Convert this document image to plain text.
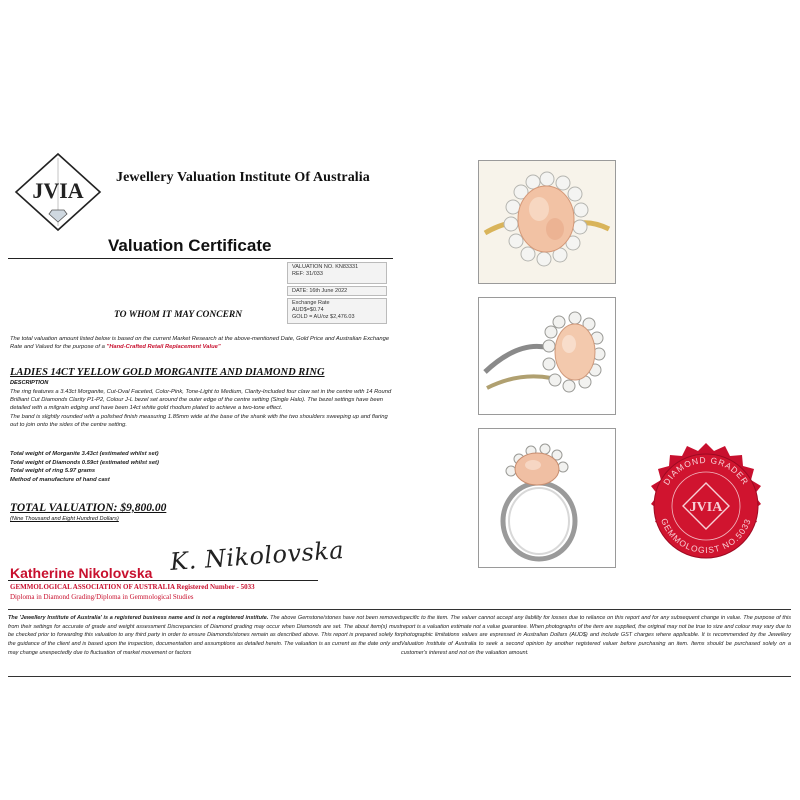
JVIA
Jewellery Valuation Institute Of Australia
Valuation Certificate
VALUATION NO. KN83331
REF: 31/033
DATE: 16th June 2022
Exchange Rate
AUD$=$0.74
GOLD = AU/oz $2,476.03
TO WHOM IT MAY CONCERN
The total valuation amount listed below is based on the current Market Research at the above-mentioned Date, Gold Price and Australian Exchange Rate and Valued for the purpose of a "Hand-Crafted Retail Replacement Value"
LADIES 14CT YELLOW GOLD MORGANITE AND DIAMOND RING
DESCRIPTION
The ring features a 3.43ct Morganite, Cut-Oval Faceted, Color-Pink, Tone-Light to Medium, Clarity-Included four claw set in the centre with 14 Round Brilliant Cut Diamonds Clarity P1-P2, Colour J-L bezel set around the outer edge of the centre setting (Single Halo). The bezel settings have been detailed with a milgrain edging and have been 14ct white gold rhodium plated to achieve a two-tone effect.
The band is slightly rounded with a polished finish measuring 1.85mm wide at the base of the shank with the two shoulders sweeping up and flaring out to join onto the sides of the centre setting.
Total weight of Morganite 3.43ct (estimated whilst set)
Total weight of Diamonds 0.59ct (estimated whilst set)
Total weight of ring 5.97 grams
Method of manufacture of hand cast
TOTAL VALUATION: $9,800.00
(Nine Thousand and Eight Hundred Dollars)
K. Nikolovska
Katherine Nikolovska
GEMMOLOGICAL ASSOCIATION OF AUSTRALIA Registered Number - 5033
Diploma in Diamond Grading/Diploma in Gemmological Studies
DIAMOND GRADER
GEMMOLOGIST NO.5033
JVIA
The 'Jewellery Institute of Australia' is a registered business name and is not a registered institute. The above Gemstone/stones have not been removed from their settings for accurate of grade and weight assessment Discrepancies of Diamond grading may occur when Diamonds are set. The about item(s) must be checked prior to forwarding this valuation to any third party in order to ensure Diamonds/stones remain as described above. This report is prepared solely for the guidance of the client and is based upon the inspection, documentation and assumptions as detailed herein. The valuation is as current as the date only and may change unexpectedly due to fluctuation of market movement or factors
specific to the item. The valuer cannot accept any liability for losses due to reliance on this report and for any subsequent change in value. The purpose of this report is a valuation estimate not a value guarantee. When photographs of the item are supplied, the original may not be true to size and colour may vary due to photographic limitations values are expressed in Australian Dollars (AUD$) and include GST charges where applicable. It is recommended by the Jewellery Valuation Institute of Australia to seek a second opinion by another registered valuer before purchasing an item. Items should be purchased solely on a customer's interest and not on the valuation amount.
